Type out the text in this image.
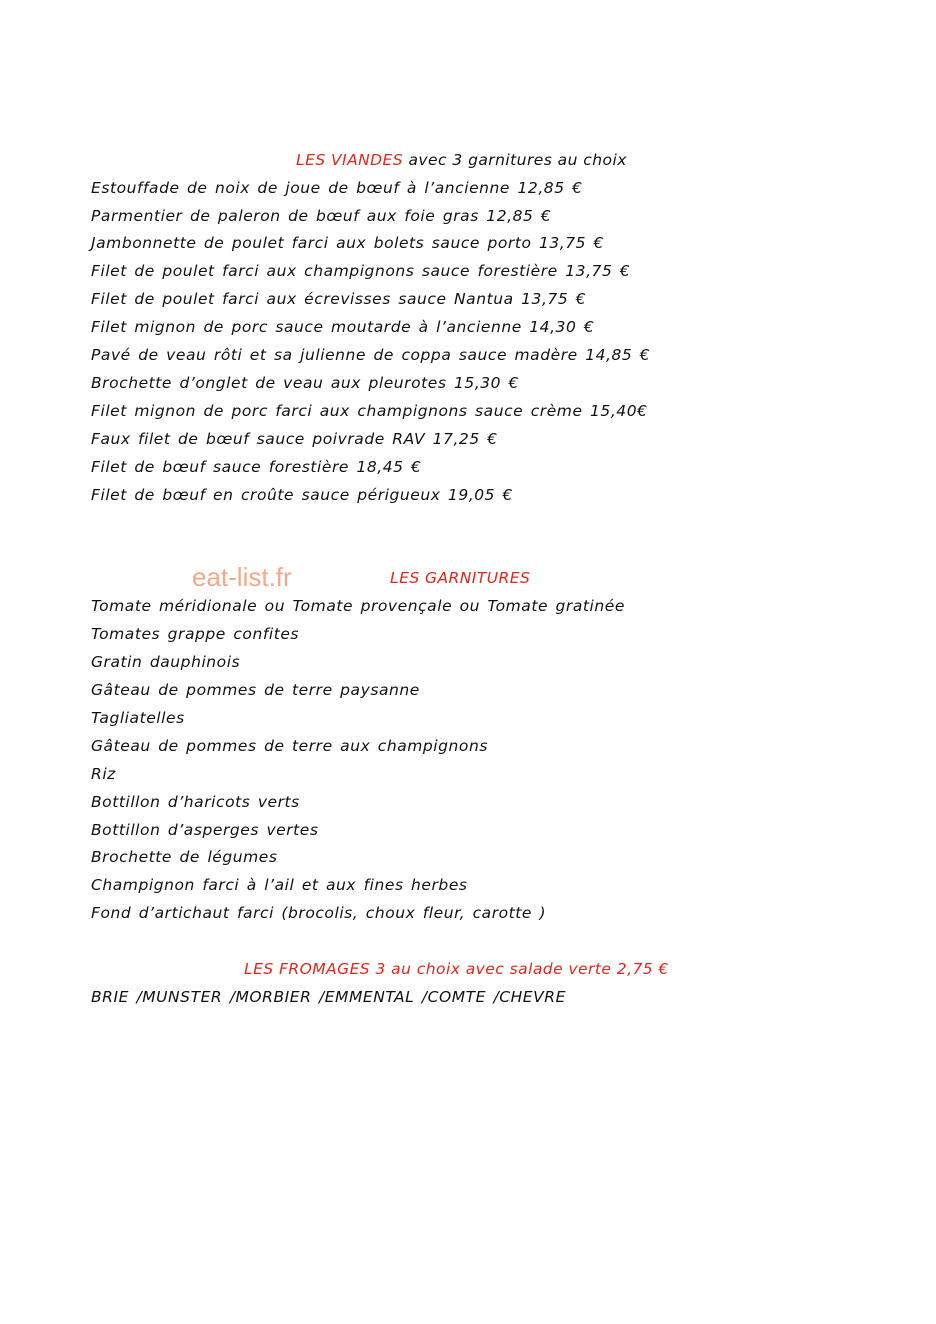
LES VIANDES avec 3 garnitures au choix
Estouffade de noix de joue de bœuf à l’ancienne 12,85 €
Parmentier de paleron de bœuf aux foie gras 12,85 €
Jambonnette de poulet farci aux bolets sauce porto 13,75 €
Filet de poulet farci aux champignons sauce forestière 13,75 €
Filet de poulet farci aux écrevisses sauce Nantua 13,75 €
Filet mignon de porc sauce moutarde à l’ancienne 14,30 €
Pavé de veau rôti et sa julienne de coppa sauce madère 14,85 €
Brochette d’onglet de veau aux pleurotes 15,30 €
Filet mignon de porc farci aux champignons sauce crème 15,40€
Faux filet de bœuf sauce poivrade RAV 17,25 €
Filet de bœuf sauce forestière 18,45 €
Filet de bœuf en croûte sauce périgueux 19,05 €
eat-list.fr	LES GARNITURES
Tomate méridionale ou Tomate provençale ou Tomate gratinée
Tomates grappe confites
Gratin dauphinois
Gâteau de pommes de terre paysanne
Tagliatelles
Gâteau de pommes de terre aux champignons
Riz
Bottillon d’haricots verts
Bottillon d’asperges vertes
Brochette de légumes
Champignon farci à l’ail et aux fines herbes
Fond d’artichaut farci (brocolis, choux fleur, carotte )
LES FROMAGES 3 au choix avec salade verte 2,75 €
BRIE /MUNSTER /MORBIER /EMMENTAL /COMTE /CHEVRE
